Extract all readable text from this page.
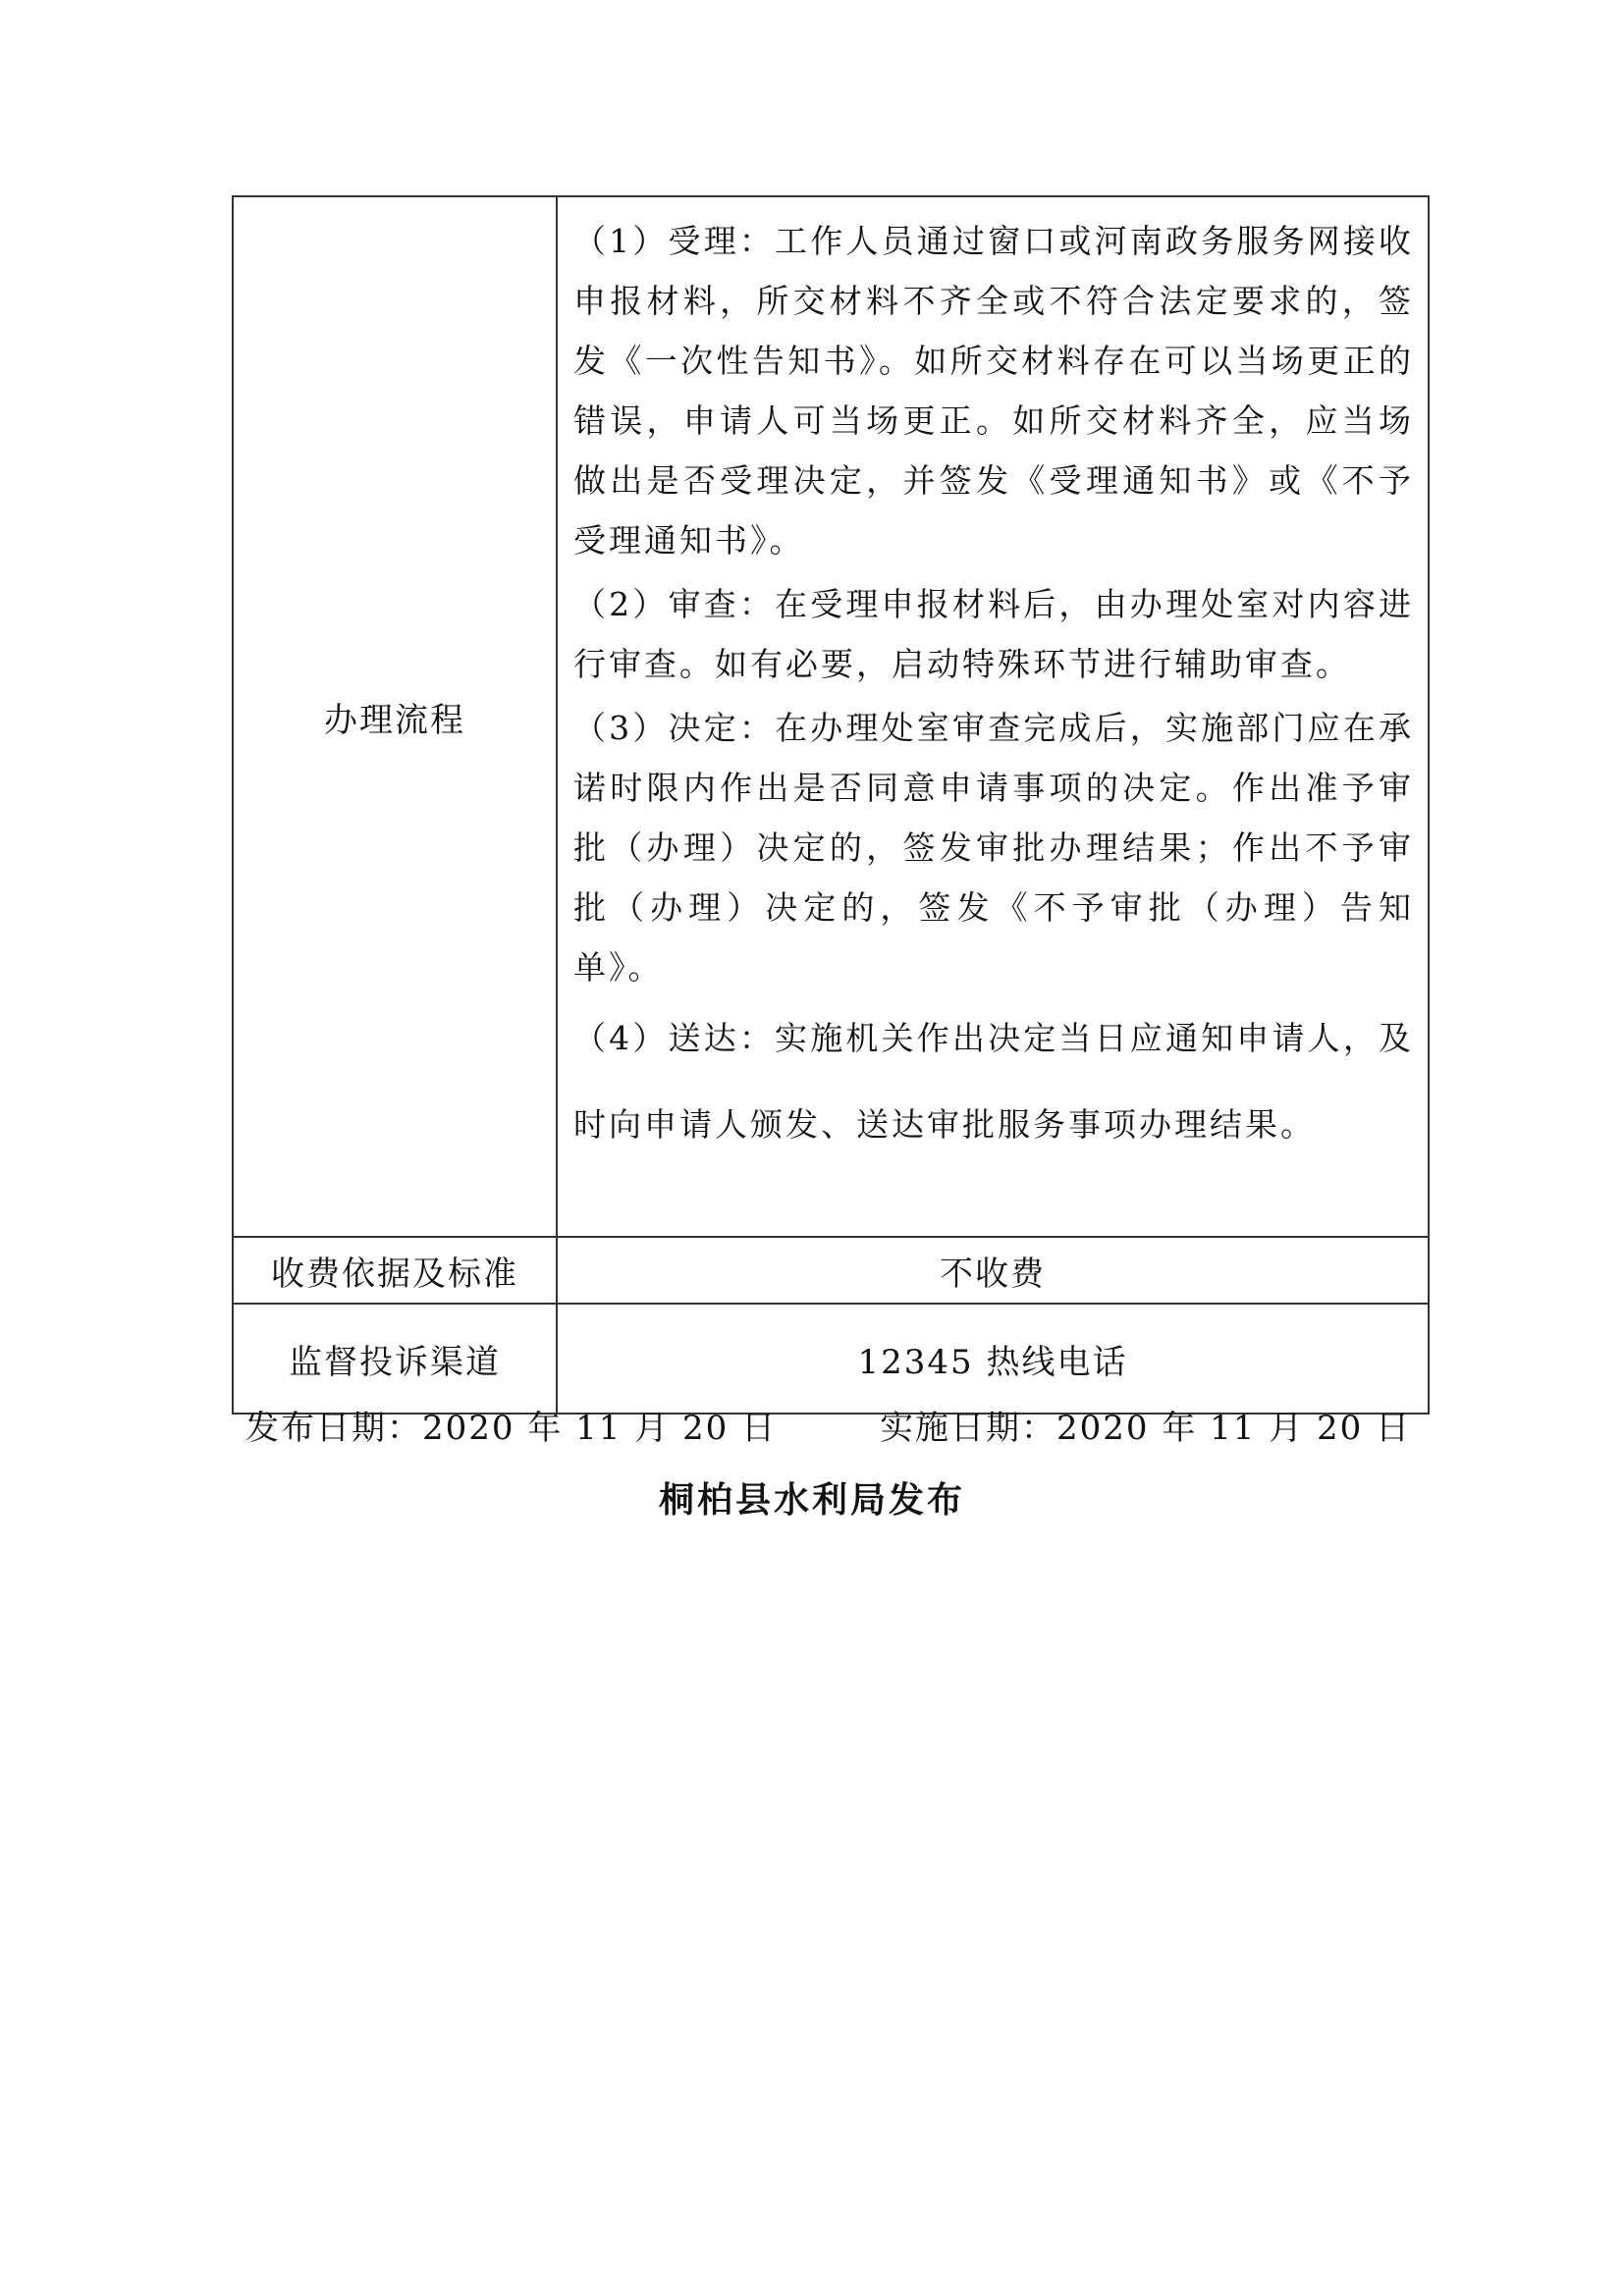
办理流程	（1）受理：工作人员通过窗口或河南政务服务网接收申报材料，所交材料不齐全或不符合法定要求的，签发《一次性告知书》。如所交材料存在可以当场更正的错误，申请人可当场更正。如所交材料齐全，应当场做出是否受理决定，并签发《受理通知书》或《不予受理通知书》。

（2）审查：在受理申报材料后，由办理处室对内容进行审查。如有必要，启动特殊环节进行辅助审查。

（3）决定：在办理处室审查完成后，实施部门应在承诺时限内作出是否同意申请事项的决定。作出准予审批（办理）决定的，签发审批办理结果；作出不予审批（办理）决定的，签发《不予审批（办理）告知单》。

（4）送达：实施机关作出决定当日应通知申请人，及时向申请人颁发、送达审批服务事项办理结果。

收费依据及标准	不收费
监督投诉渠道	12345 热线电话
发布日期：2020 年 11 月 20 日	实施日期：2020 年 11 月 20 日
桐柏县水利局发布
